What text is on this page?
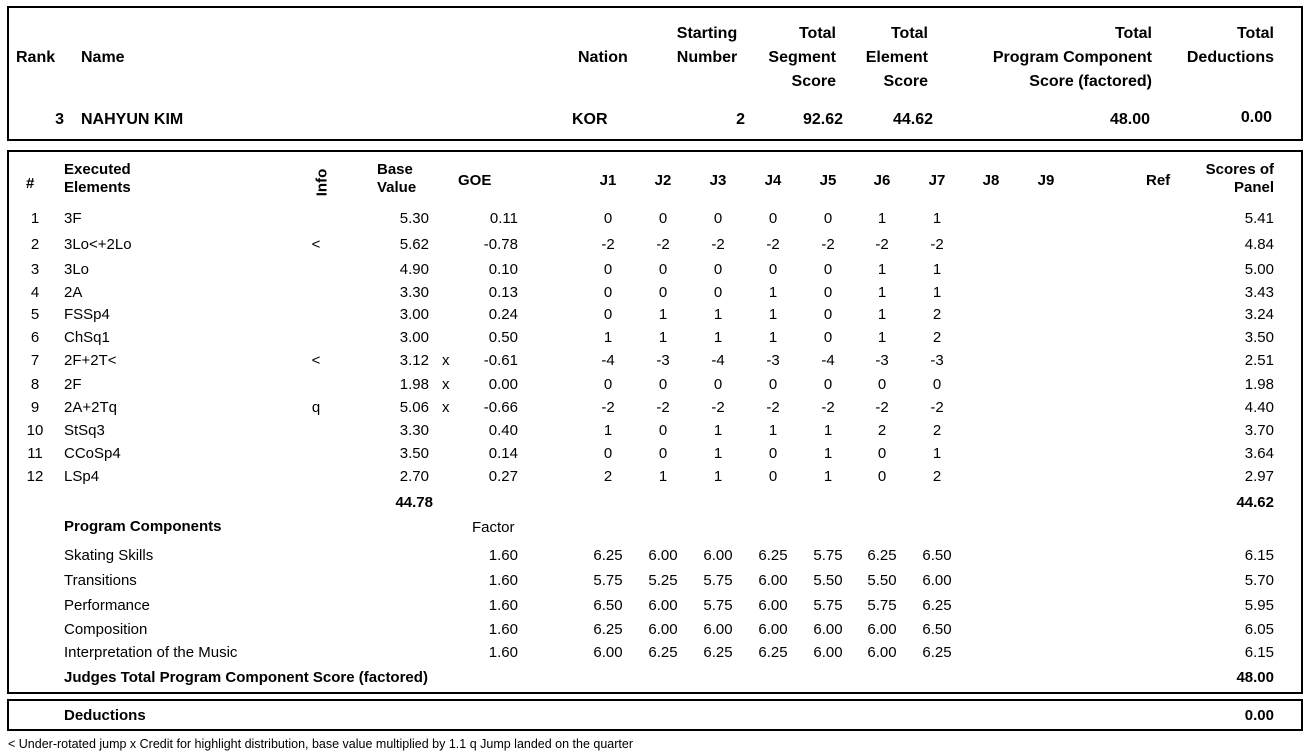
Rank Name	Nation
Starting
Number
Total
Segment
Score
Total
Element
Score
Total
Program Component
Score (factored)
Total
Deductions
3 NAHYUN KIM	KOR	2	92.62	44.62	48.00	0.00
#
Executed
Elements	Info	Base
Value	GOE	J1	J2	J3	J4	J5	J6	J7	J8	J9	Ref
Scores of
Panel
1	3F	5.30	0.11	0	0	0	0	0	1	1	5.41
2	3Lo<+2Lo	<	5.62	-0.78	-2	-2	-2	-2	-2	-2	-2	4.84
3	3Lo	4.90	0.10	0	0	0	0	0	1	1	5.00
4	2A	3.30	0.13	0	0	0	1	0	1	1	3.43
5	FSSp4	3.00	0.24	0	1	1	1	0	1	2	3.24
6	ChSq1	3.00	0.50	1	1	1	1	0	1	2	3.50
7	2F+2T<	<	3.12 x	-0.61	-4	-3	-4	-3	-4	-3	-3	2.51
8	2F	1.98 x	0.00	0	0	0	0	0	0	0	1.98
9	2A+2Tq	q	5.06 x	-0.66	-2	-2	-2	-2	-2	-2	-2	4.40
10	StSq3	3.30	0.40	1	0	1	1	1	2	2	3.70
11	CCoSp4	3.50	0.14	0	0	1	0	1	0	1	3.64
12	LSp4	2.70	0.27	2	1	1	0	1	0	2	2.97
44.78	44.62
Program Components	Factor
Skating Skills	1.60	6.25	6.00	6.00	6.25	5.75	6.25	6.50	6.15
Transitions	1.60	5.75	5.25	5.75	6.00	5.50	5.50	6.00	5.70
Performance	1.60	6.50	6.00	5.75	6.00	5.75	5.75	6.25	5.95
Composition	1.60	6.25	6.00	6.00	6.00	6.00	6.00	6.50	6.05
Interpretation of the Music	1.60	6.00	6.25	6.25	6.25	6.00	6.00	6.25	6.15
Judges Total Program Component Score (factored)	48.00
Deductions	0.00
< Under-rotated jump x Credit for highlight distribution, base value multiplied by 1.1 q Jump landed on the quarter
